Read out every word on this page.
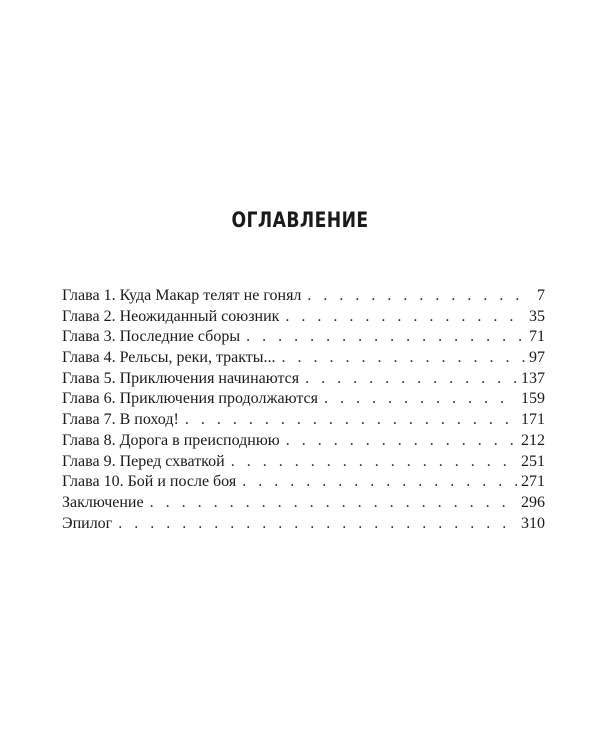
ОГЛАВЛЕНИЕ
Глава 1. Куда Макар телят не гонял . . .	7
Глава 2. Неожиданный союзник . . .	35
Глава 3. Последние сборы . . .	71
Глава 4. Рельсы, реки, тракты... . . .	97
Глава 5. Приключения начинаются . . .	137
Глава 6. Приключения продолжаются . . .	159
Глава 7. В поход! . . .	171
Глава 8. Дорога в преисподнюю . . .	212
Глава 9. Перед схваткой . . .	251
Глава 10. Бой и после боя . . .	271
Заключение . . .	296
Эпилог . . .	310
